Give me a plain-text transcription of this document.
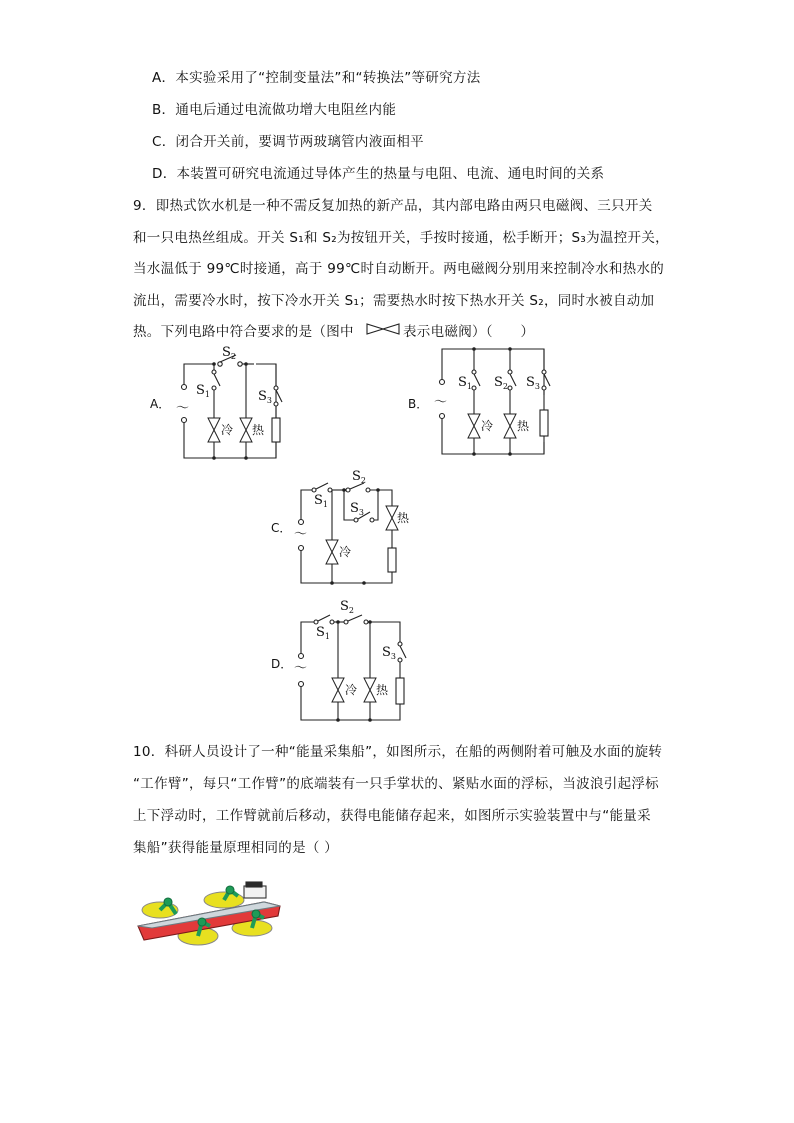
A．本实验采用了“控制变量法”和“转换法”等研究方法
B．通电后通过电流做功增大电阻丝内能
C．闭合开关前，要调节两玻璃管内液面相平
D．本装置可研究电流通过导体产生的热量与电阻、电流、通电时间的关系
9．即热式饮水机是一种不需反复加热的新产品，其内部电路由两只电磁阀、三只开关
和一只电热丝组成。开关 S₁和 S₂为按钮开关，手按时接通，松手断开；S₃为温控开关，
当水温低于 99℃时接通，高于 99℃时自动断开。两电磁阀分别用来控制冷水和热水的
流出，需要冷水时，按下冷水开关 S₁；需要热水时按下热水开关 S₂，同时水被自动加
热。下列电路中符合要求的是（图中	表示电磁阀）（　　）
A． ～
$S_2$
$S_1$
冷 热
$S_3$	B． ～
$S_1$
冷
$S_2$
热
$S_3$
C． ～
$S_1$
$S_2$
$S_3$	热
冷
D． ～
$S_1$
$S_2$
冷 热
$S_3$
10．科研人员设计了一种“能量采集船”，如图所示，在船的两侧附着可触及水面的旋转
“工作臂”，每只“工作臂”的底端装有一只手掌状的、紧贴水面的浮标，当波浪引起浮标
上下浮动时，工作臂就前后移动，获得电能储存起来，如图所示实验装置中与“能量采
集船”获得能量原理相同的是（ ）
